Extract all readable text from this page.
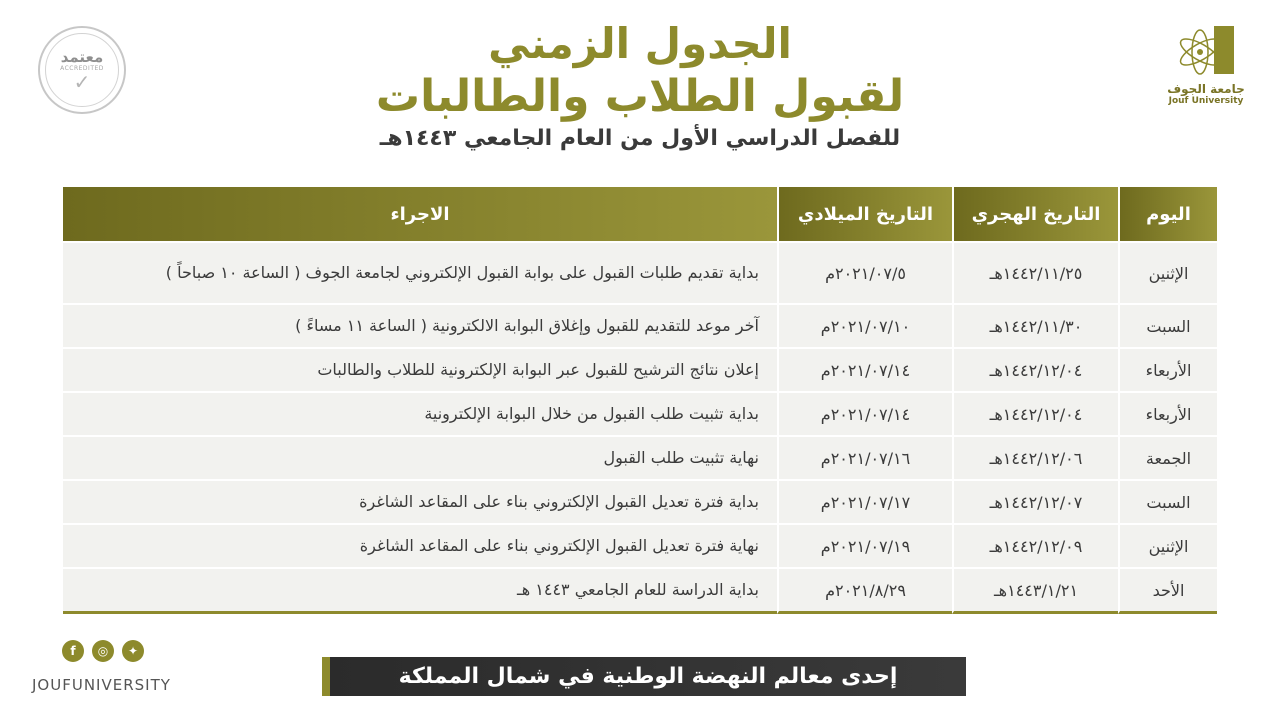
معتمد
ACCREDITED
✓	جامعة الجوف
Jouf University
الجدول الزمني
لقبول الطلاب والطالبات
للفصل الدراسي الأول من العام الجامعي ١٤٤٣هـ
اليوم	التاريخ الهجري	التاريخ الميلادي	الاجراء
الإثنين	١٤٤٢/١١/٢٥هـ	٢٠٢١/٠٧/٥م	بداية تقديم طلبات القبول على بوابة القبول الإلكتروني لجامعة الجوف ( الساعة ١٠ صباحاً )
السبت	١٤٤٢/١١/٣٠هـ	٢٠٢١/٠٧/١٠م	آخر موعد للتقديم للقبول وإغلاق البوابة الالكترونية ( الساعة ١١ مساءً )
الأربعاء	١٤٤٢/١٢/٠٤هـ	٢٠٢١/٠٧/١٤م	إعلان نتائج الترشيح للقبول عبر البوابة الإلكترونية للطلاب والطالبات
الأربعاء	١٤٤٢/١٢/٠٤هـ	٢٠٢١/٠٧/١٤م	بداية تثبيت طلب القبول من خلال البوابة الإلكترونية
الجمعة	١٤٤٢/١٢/٠٦هـ	٢٠٢١/٠٧/١٦م	نهاية تثبيت طلب القبول
السبت	١٤٤٢/١٢/٠٧هـ	٢٠٢١/٠٧/١٧م	بداية فترة تعديل القبول الإلكتروني بناء على المقاعد الشاغرة
الإثنين	١٤٤٢/١٢/٠٩هـ	٢٠٢١/٠٧/١٩م	نهاية فترة تعديل القبول الإلكتروني بناء على المقاعد الشاغرة
الأحد	١٤٤٣/١/٢١هـ	٢٠٢١/٨/٢٩م	بداية الدراسة للعام الجامعي ١٤٤٣ هـ
f	◎	✦
JOUFUNIVERSITY	إحدى معالم النهضة الوطنية في شمال المملكة
